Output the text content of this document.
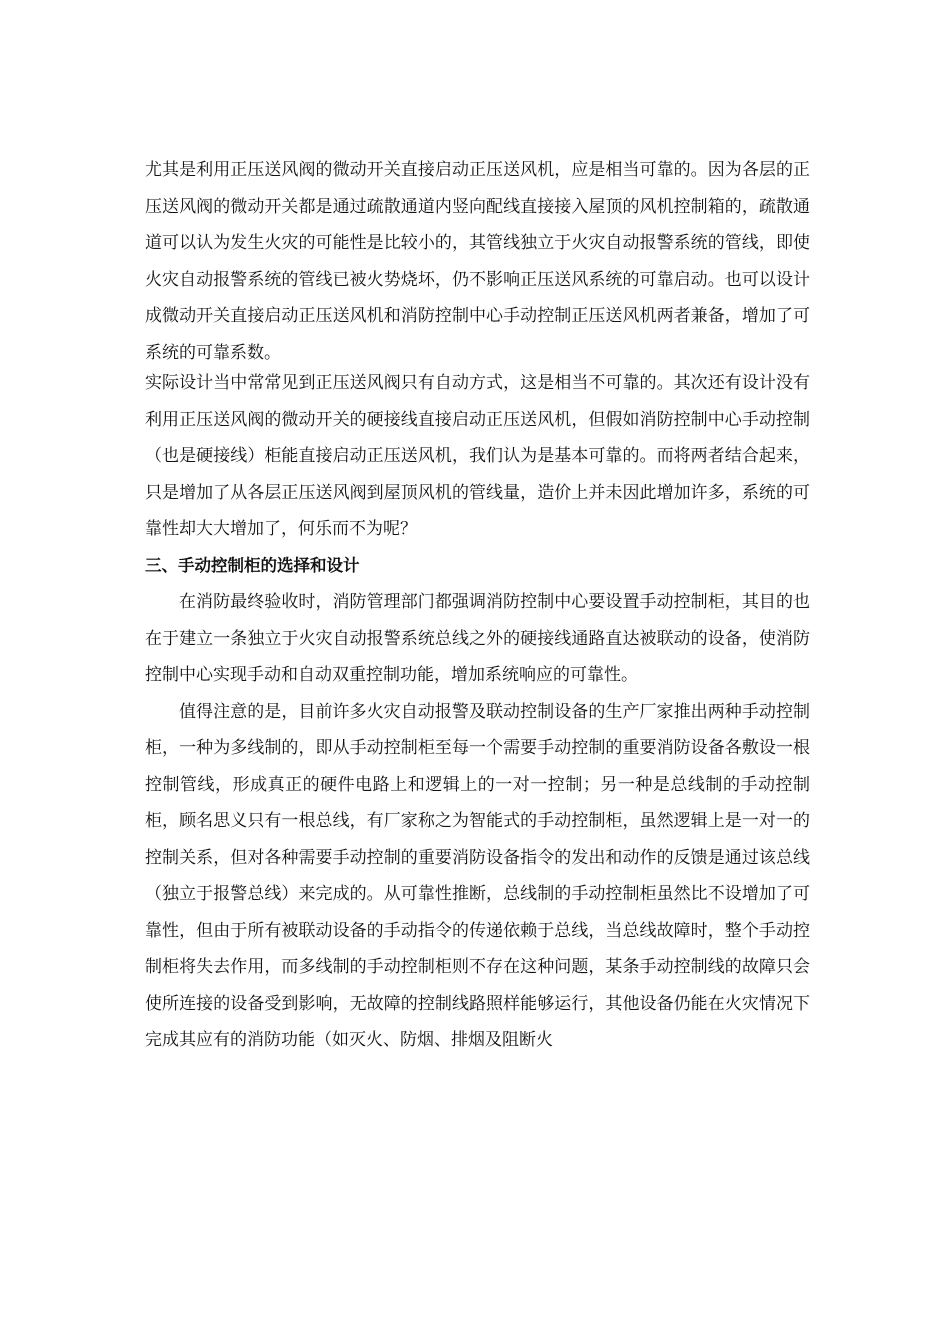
尤其是利用正压送风阀的微动开关直接启动正压送风机，应是相当可靠的。因为各层的正压送风阀的微动开关都是通过疏散通道内竖向配线直接接入屋顶的风机控制箱的，疏散通道可以认为发生火灾的可能性是比较小的，其管线独立于火灾自动报警系统的管线，即使火灾自动报警系统的管线已被火势烧坏，仍不影响正压送风系统的可靠启动。也可以设计成微动开关直接启动正压送风机和消防控制中心手动控制正压送风机两者兼备，增加了可系统的可靠系数。

实际设计当中常常见到正压送风阀只有自动方式，这是相当不可靠的。其次还有设计没有利用正压送风阀的微动开关的硬接线直接启动正压送风机，但假如消防控制中心手动控制（也是硬接线）柜能直接启动正压送风机，我们认为是基本可靠的。而将两者结合起来，只是增加了从各层正压送风阀到屋顶风机的管线量，造价上并未因此增加许多，系统的可靠性却大大增加了，何乐而不为呢？

三、手动控制柜的选择和设计

在消防最终验收时，消防管理部门都强调消防控制中心要设置手动控制柜，其目的也在于建立一条独立于火灾自动报警系统总线之外的硬接线通路直达被联动的设备，使消防控制中心实现手动和自动双重控制功能，增加系统响应的可靠性。

值得注意的是，目前许多火灾自动报警及联动控制设备的生产厂家推出两种手动控制柜，一种为多线制的，即从手动控制柜至每一个需要手动控制的重要消防设备各敷设一根控制管线，形成真正的硬件电路上和逻辑上的一对一控制；另一种是总线制的手动控制柜，顾名思义只有一根总线，有厂家称之为智能式的手动控制柜，虽然逻辑上是一对一的控制关系，但对各种需要手动控制的重要消防设备指令的发出和动作的反馈是通过该总线（独立于报警总线）来完成的。从可靠性推断，总线制的手动控制柜虽然比不设增加了可靠性，但由于所有被联动设备的手动指令的传递依赖于总线，当总线故障时，整个手动控制柜将失去作用，而多线制的手动控制柜则不存在这种问题，某条手动控制线的故障只会使所连接的设备受到影响，无故障的控制线路照样能够运行，其他设备仍能在火灾情况下完成其应有的消防功能（如灭火、防烟、排烟及阻断火
